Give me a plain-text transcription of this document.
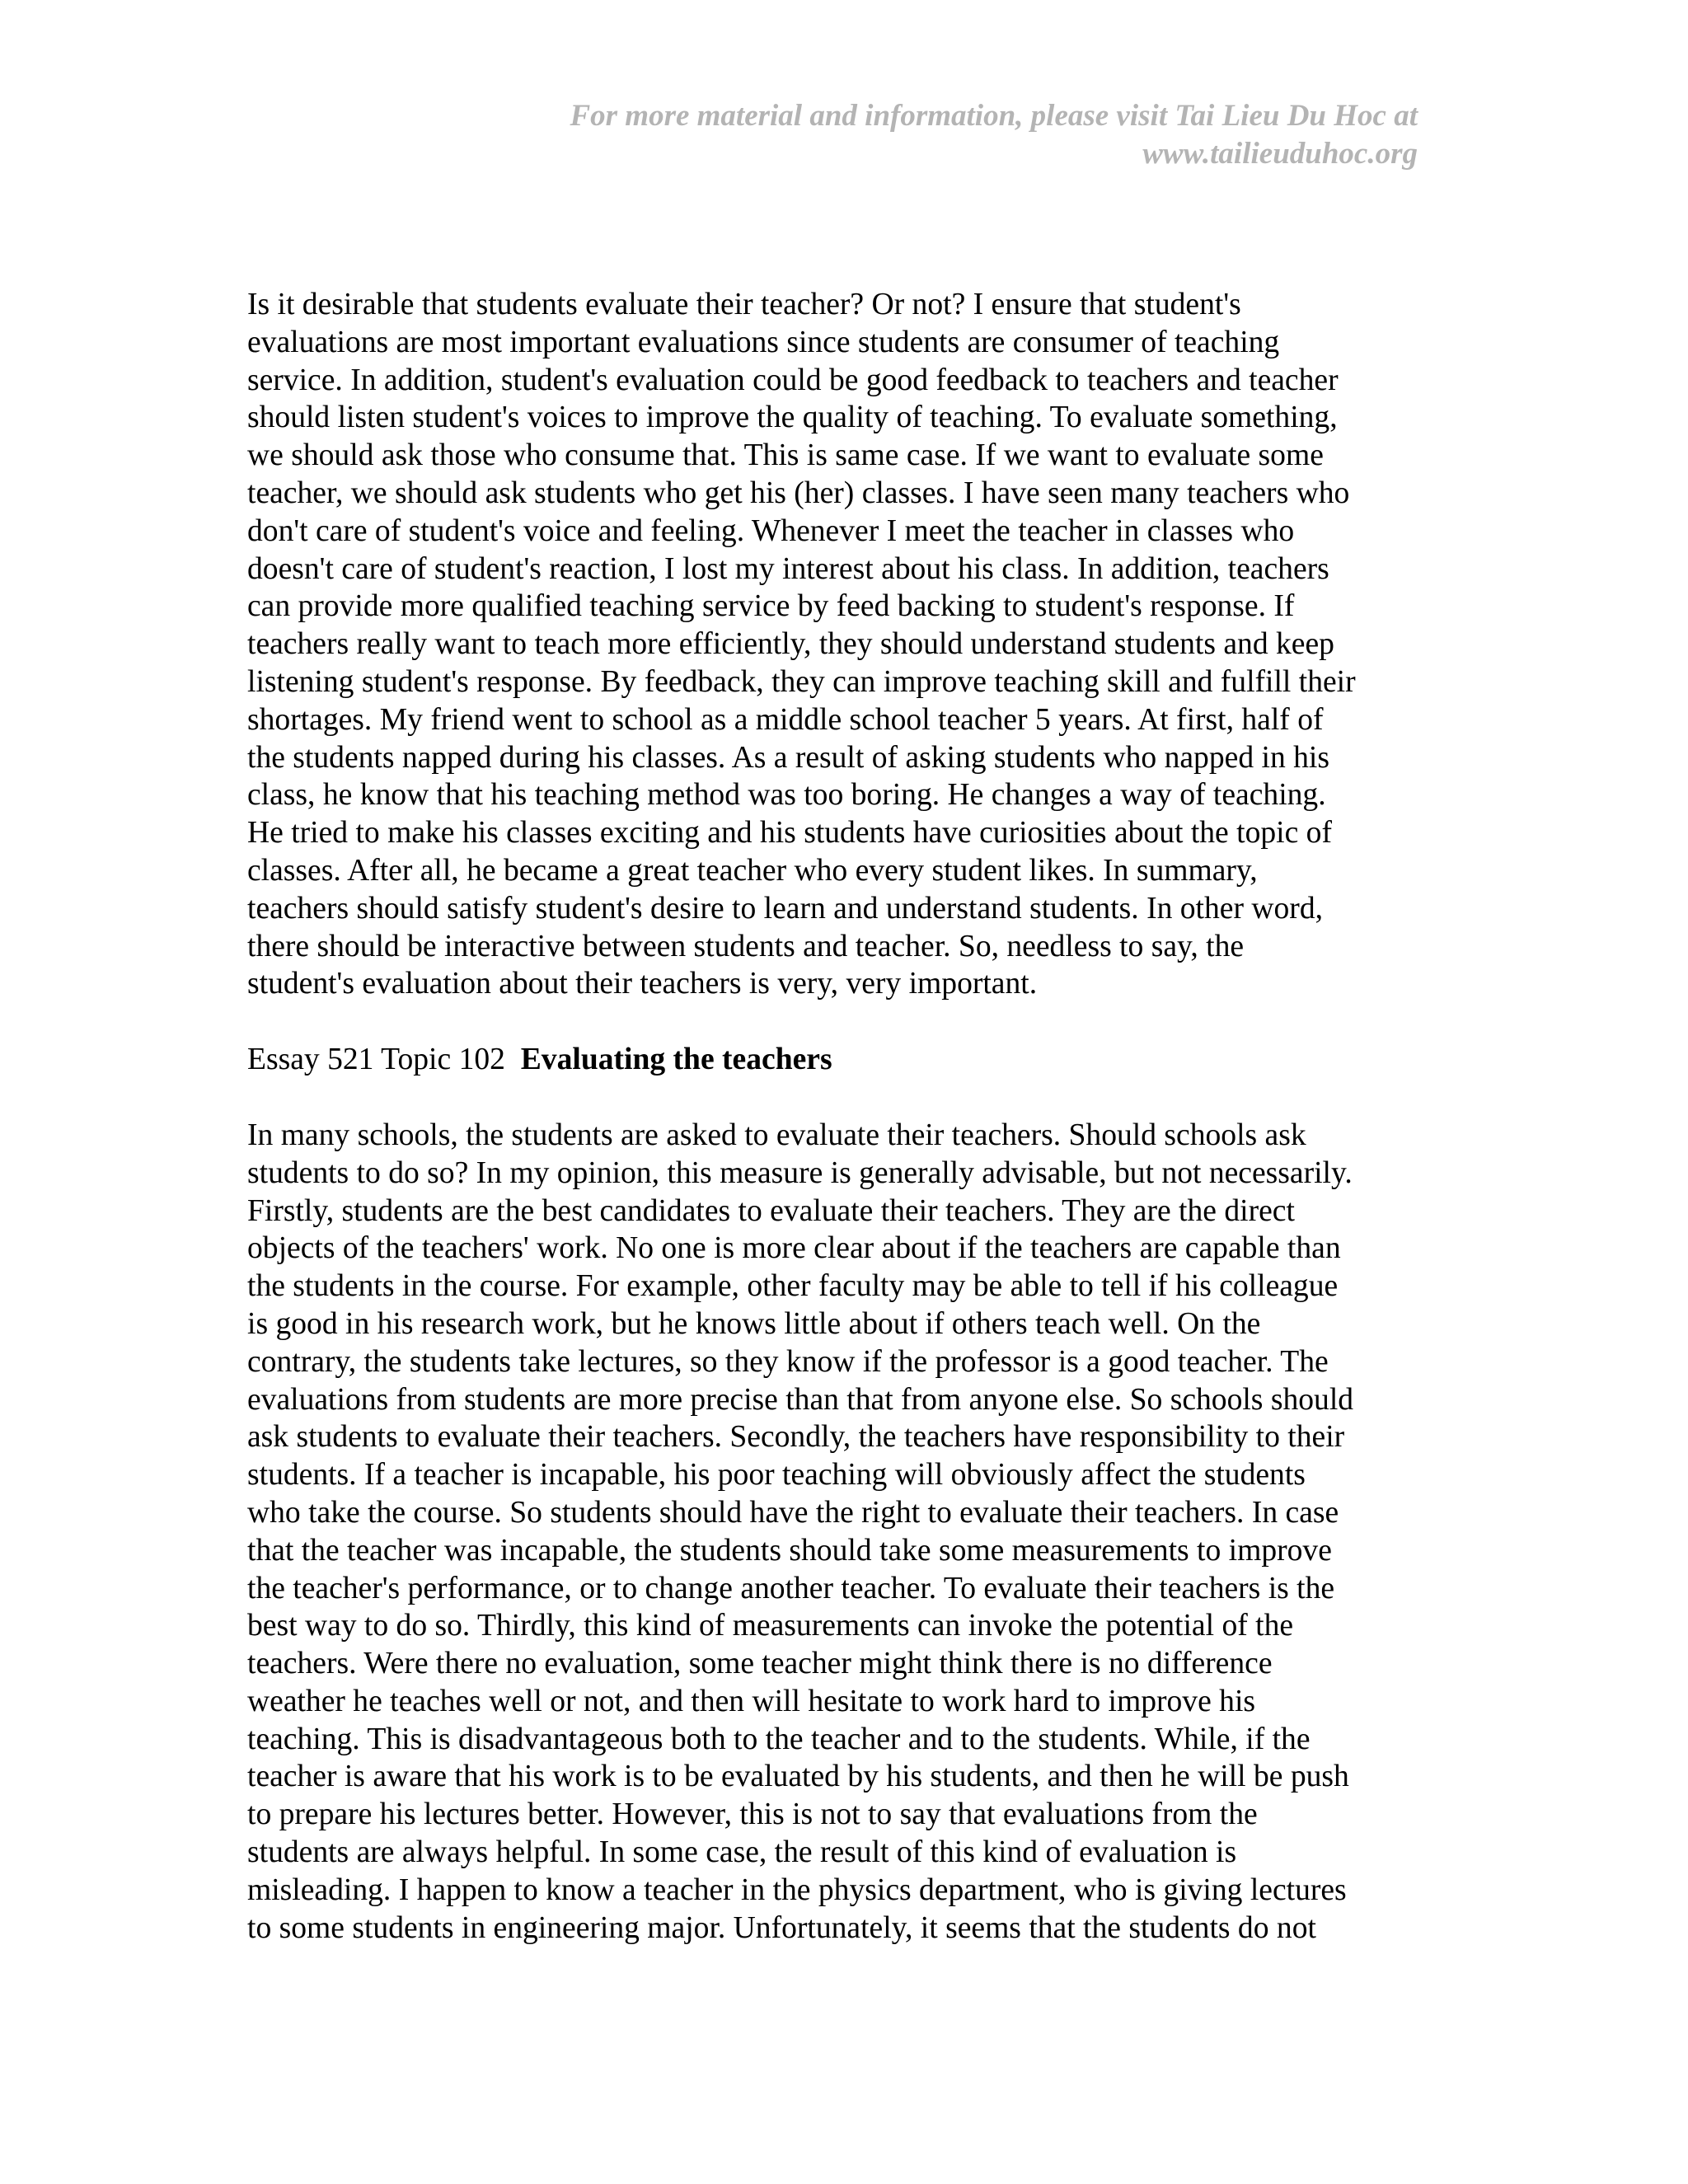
For more material and information, please visit Tai Lieu Du Hoc at
www.tailieuduhoc.org

Is it desirable that students evaluate their teacher? Or not? I ensure that student's
evaluations are most important evaluations since students are consumer of teaching
service. In addition, student's evaluation could be good feedback to teachers and teacher
should listen student's voices to improve the quality of teaching. To evaluate something,
we should ask those who consume that. This is same case. If we want to evaluate some
teacher, we should ask students who get his (her) classes. I have seen many teachers who
don't care of student's voice and feeling. Whenever I meet the teacher in classes who
doesn't care of student's reaction, I lost my interest about his class. In addition, teachers
can provide more qualified teaching service by feed backing to student's response. If
teachers really want to teach more efficiently, they should understand students and keep
listening student's response. By feedback, they can improve teaching skill and fulfill their
shortages. My friend went to school as a middle school teacher 5 years. At first, half of
the students napped during his classes. As a result of asking students who napped in his
class, he know that his teaching method was too boring. He changes a way of teaching.
He tried to make his classes exciting and his students have curiosities about the topic of
classes. After all, he became a great teacher who every student likes. In summary,
teachers should satisfy student's desire to learn and understand students. In other word,
there should be interactive between students and teacher. So, needless to say, the
student's evaluation about their teachers is very, very important.

Essay 521 Topic 102 Evaluating the teachers

In many schools, the students are asked to evaluate their teachers. Should schools ask
students to do so? In my opinion, this measure is generally advisable, but not necessarily.
Firstly, students are the best candidates to evaluate their teachers. They are the direct
objects of the teachers' work. No one is more clear about if the teachers are capable than
the students in the course. For example, other faculty may be able to tell if his colleague
is good in his research work, but he knows little about if others teach well. On the
contrary, the students take lectures, so they know if the professor is a good teacher. The
evaluations from students are more precise than that from anyone else. So schools should
ask students to evaluate their teachers. Secondly, the teachers have responsibility to their
students. If a teacher is incapable, his poor teaching will obviously affect the students
who take the course. So students should have the right to evaluate their teachers. In case
that the teacher was incapable, the students should take some measurements to improve
the teacher's performance, or to change another teacher. To evaluate their teachers is the
best way to do so. Thirdly, this kind of measurements can invoke the potential of the
teachers. Were there no evaluation, some teacher might think there is no difference
weather he teaches well or not, and then will hesitate to work hard to improve his
teaching. This is disadvantageous both to the teacher and to the students. While, if the
teacher is aware that his work is to be evaluated by his students, and then he will be push
to prepare his lectures better. However, this is not to say that evaluations from the
students are always helpful. In some case, the result of this kind of evaluation is
misleading. I happen to know a teacher in the physics department, who is giving lectures
to some students in engineering major. Unfortunately, it seems that the students do not
